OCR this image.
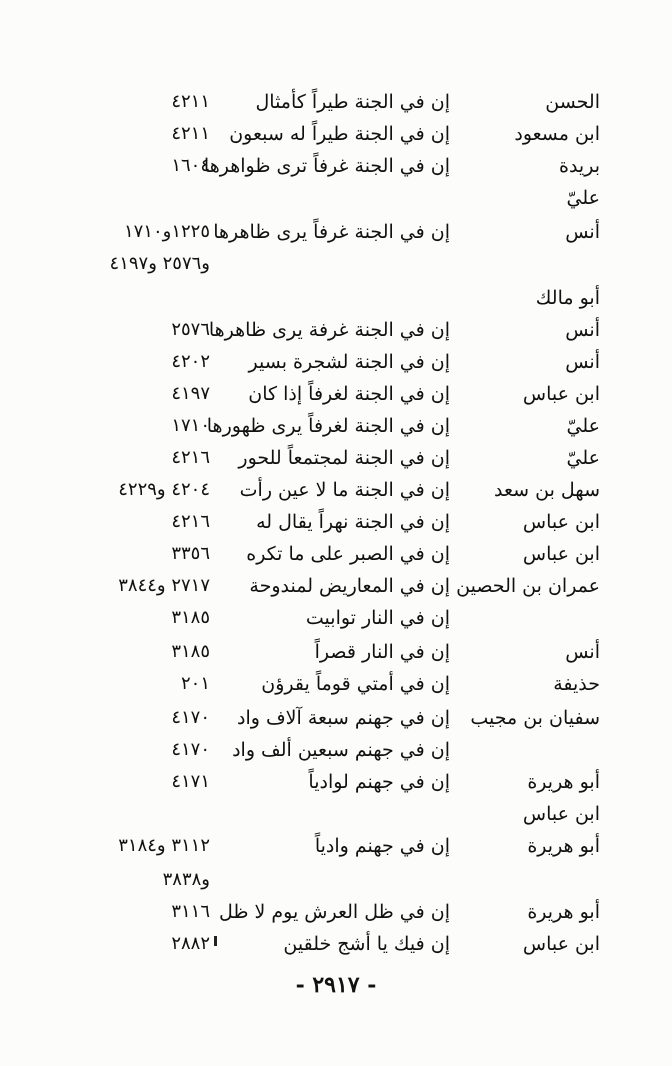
الحسن
إن في الجنة طيراً كأمثال
٤٢١١
ابن مسعود
إن في الجنة طيراً له سبعون
٤٢١١
بريدة
إن في الجنة غرفاً ترى ظواهرها
١٦٠٤
عليّ
أنس
إن في الجنة غرفاً يرى ظاهرها
١٢٢٥و١٧١٠
و٢٥٧٦ و٤١٩٧
أبو مالك
أنس
إن في الجنة غرفة يرى ظاهرها
٢٥٧٦
أنس
إن في الجنة لشجرة بسير
٤٢٠٢
ابن عباس
إن في الجنة لغرفاً إذا كان
٤١٩٧
عليّ
إن في الجنة لغرفاً يرى ظهورها
١٧١٠
عليّ
إن في الجنة لمجتمعاً للحور
٤٢١٦
سهل بن سعد
إن في الجنة ما لا عين رأت
٤٢٠٤ و٤٢٢٩
ابن عباس
إن في الجنة نهراً يقال له
٤٢١٦
ابن عباس
إن في الصبر على ما تكره
٣٣٥٦
عمران بن الحصين
إن في المعاريض لمندوحة
٢٧١٧ و٣٨٤٤
إن في النار توابيت
٣١٨٥
أنس
إن في النار قصراً
٣١٨٥
حذيفة
إن في أمتي قوماً يقرؤن
٢٠١
سفيان بن مجيب
إن في جهنم سبعة آلاف واد
٤١٧٠
إن في جهنم سبعين ألف واد
٤١٧٠
أبو هريرة
إن في جهنم لوادياً
٤١٧١
ابن عباس
أبو هريرة
إن في جهنم وادياً
٣١١٢ و٣١٨٤
و٣٨٣٨
أبو هريرة
إن في ظل العرش يوم لا ظل
٣١١٦
ابن عباس
إن فيك يا أشج خلقين
٢٨٨٢
- ٢٩١٧ -
